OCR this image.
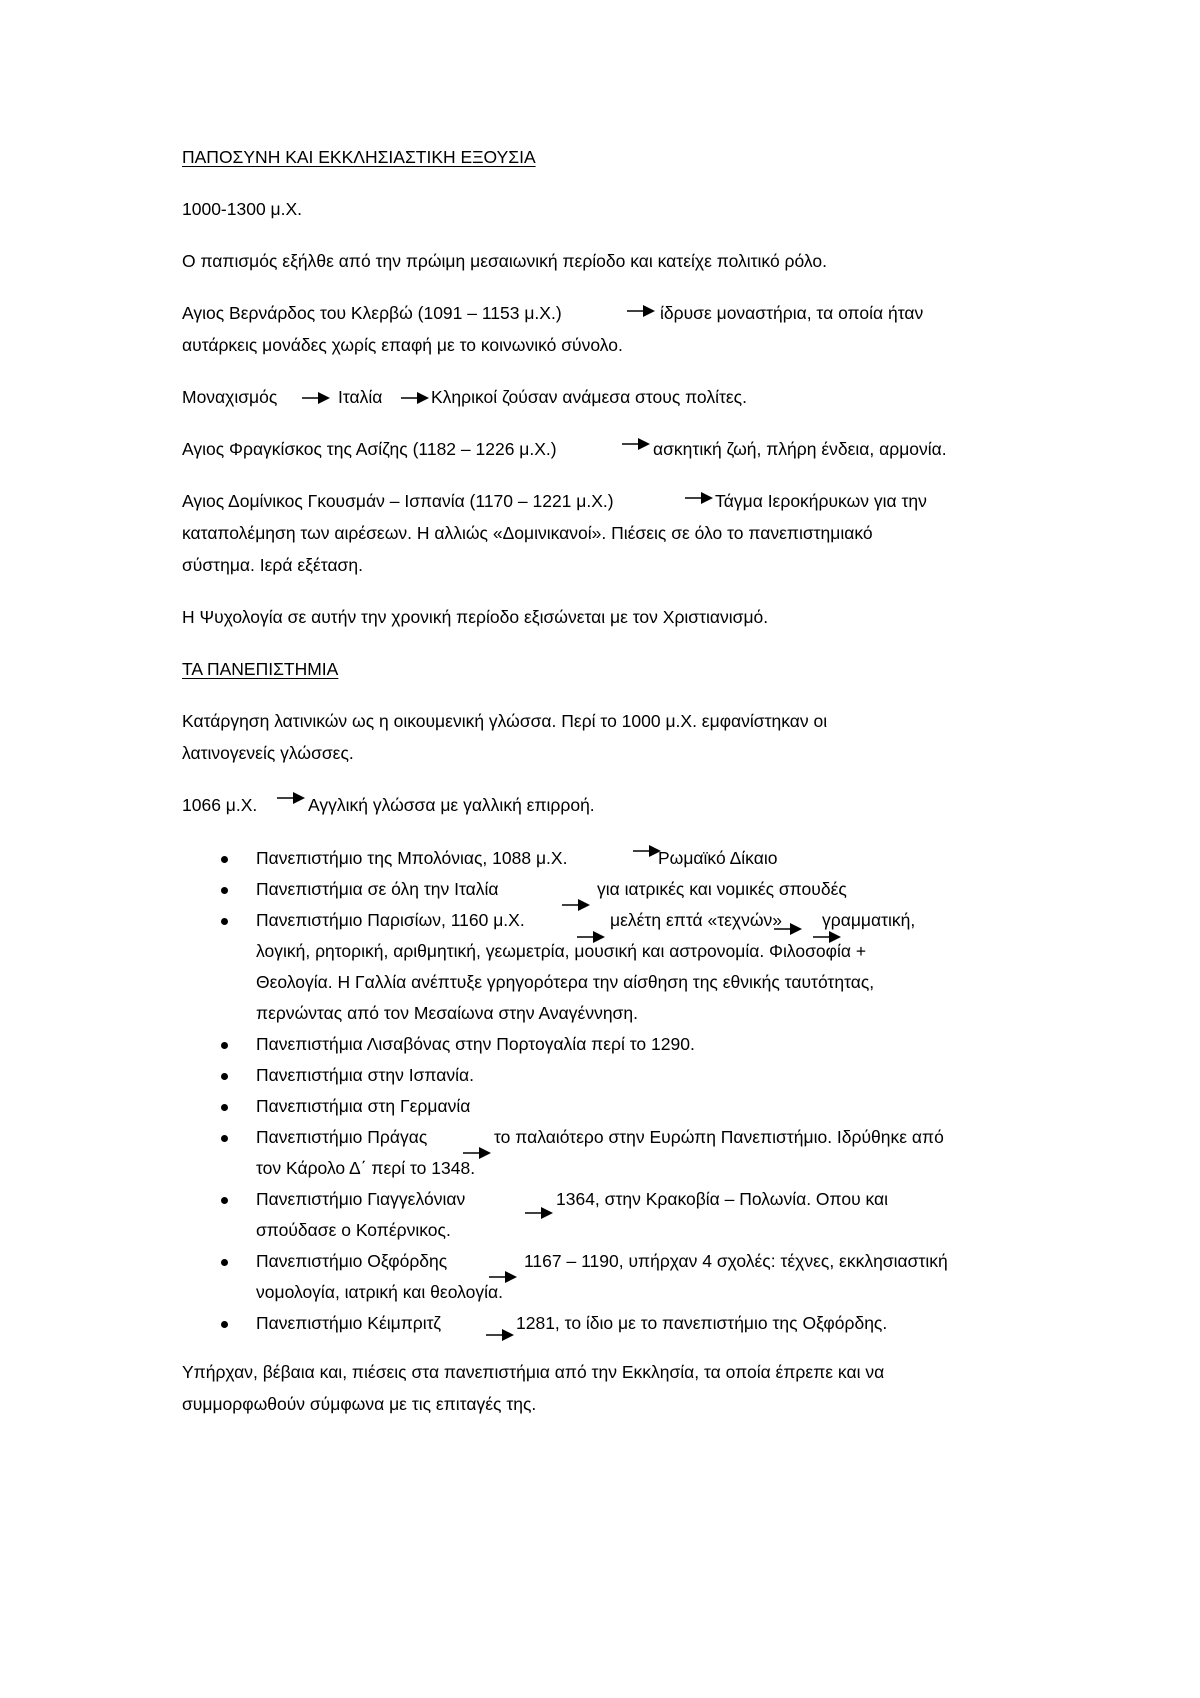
ΠΑΠΟΣΥΝΗ ΚΑΙ ΕΚΚΛΗΣΙΑΣΤΙΚΗ ΕΞΟΥΣΙΑ
1000-1300 μ.Χ.
Ο παπισμός εξήλθε από την πρώιμη μεσαιωνική περίοδο και κατείχε πολιτικό ρόλο.
Αγιος Βερνάρδος του Κλερβώ (1091 – 1153 μ.Χ.)	ίδρυσε μοναστήρια, τα οποία ήταν
αυτάρκεις μονάδες χωρίς επαφή με το κοινωνικό σύνολο.
Μοναχισμός	Ιταλία	Κληρικοί ζούσαν ανάμεσα στους πολίτες.
Αγιος Φραγκίσκος της Ασίζης (1182 – 1226 μ.Χ.)	ασκητική ζωή, πλήρη ένδεια, αρμονία.
Αγιος Δομίνικος Γκουσμάν – Ισπανία (1170 – 1221 μ.Χ.)	Τάγμα Ιεροκήρυκων για την
καταπολέμηση των αιρέσεων. Η αλλιώς «Δομινικανοί». Πιέσεις σε όλο το πανεπιστημιακό
σύστημα. Ιερά εξέταση.
Η Ψυχολογία σε αυτήν την χρονική περίοδο εξισώνεται με τον Χριστιανισμό.
ΤΑ ΠΑΝΕΠΙΣΤΗΜΙΑ
Κατάργηση λατινικών ως η οικουμενική γλώσσα. Περί το 1000 μ.Χ. εμφανίστηκαν οι
λατινογενείς γλώσσες.
1066 μ.Χ.	Αγγλική γλώσσα με γαλλική επιρροή.
Πανεπιστήμιο της Μπολόνιας, 1088 μ.Χ.	Ρωμαϊκό Δίκαιο
Πανεπιστήμια σε όλη την Ιταλία	για ιατρικές και νομικές σπουδές
Πανεπιστήμιο Παρισίων, 1160 μ.Χ.	μελέτη επτά «τεχνών» γραμματική,
λογική, ρητορική, αριθμητική, γεωμετρία, μουσική και αστρονομία. Φιλοσοφία +
Θεολογία. Η Γαλλία ανέπτυξε γρηγορότερα την αίσθηση της εθνικής ταυτότητας,
περνώντας από τον Μεσαίωνα στην Αναγέννηση.
Πανεπιστήμια Λισαβόνας στην Πορτογαλία περί το 1290.
Πανεπιστήμια στην Ισπανία.
Πανεπιστήμια στη Γερμανία
Πανεπιστήμιο Πράγας	το παλαιότερο στην Ευρώπη Πανεπιστήμιο. Ιδρύθηκε από
τον Κάρολο Δ΄ περί το 1348.
Πανεπιστήμιο Γιαγγελόνιαν	1364, στην Κρακοβία – Πολωνία. Οπου και
σπούδασε ο Κοπέρνικος.
Πανεπιστήμιο Οξφόρδης	1167 – 1190, υπήρχαν 4 σχολές: τέχνες, εκκλησιαστική
νομολογία, ιατρική και θεολογία.
Πανεπιστήμιο Κέιμπριτζ	1281, το ίδιο με το πανεπιστήμιο της Οξφόρδης.
Υπήρχαν, βέβαια και, πιέσεις στα πανεπιστήμια από την Εκκλησία, τα οποία έπρεπε και να
συμμορφωθούν σύμφωνα με τις επιταγές της.
